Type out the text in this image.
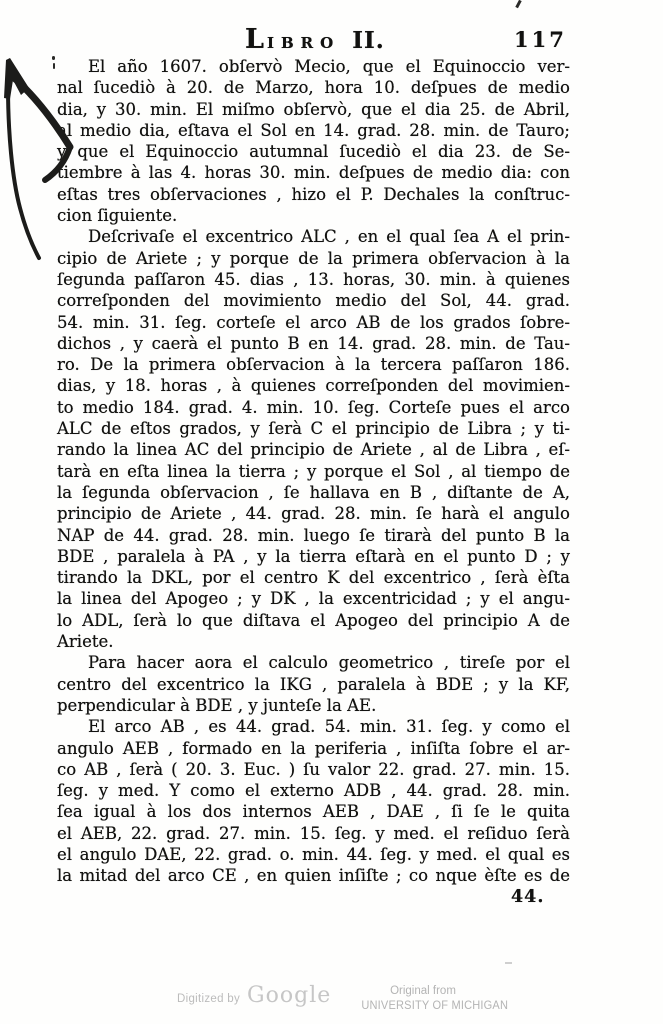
L IBRO II.	117
El año 1607. obſervò Mecio, que el Equinoccio ver-
nal ſucediò à 20. de Marzo, hora 10. deſpues de medio
dia, y 30. min. El miſmo obſervò, que el dia 25. de Abril,
al medio dia, eſtava el Sol en 14. grad. 28. min. de Tauro;
y que el Equinoccio autumnal ſucediò el dia 23. de Se-
tiembre à las 4. horas 30. min. deſpues de medio dia: con
eſtas tres obſervaciones , hizo el P. Dechales la conſtruc-
cion ſiguiente.
Deſcrivaſe el excentrico ALC , en el qual ſea A el prin-
cipio de Ariete ; y porque de la primera obſervacion à la
ſegunda paſſaron 45. dias , 13. horas, 30. min. à quienes
correſponden del movimiento medio del Sol, 44. grad.
54. min. 31. ſeg. corteſe el arco AB de los grados ſobre-
dichos , y caerà el punto B en 14. grad. 28. min. de Tau-
ro. De la primera obſervacion à la tercera paſſaron 186.
dias, y 18. horas , à quienes correſponden del movimien-
to medio 184. grad. 4. min. 10. ſeg. Corteſe pues el arco
ALC de eſtos grados, y ſerà C el principio de Libra ; y ti-
rando la linea AC del principio de Ariete , al de Libra , eſ-
tarà en eſta linea la tierra ; y porque el Sol , al tiempo de
la ſegunda obſervacion , ſe hallava en B , diſtante de A,
principio de Ariete , 44. grad. 28. min. ſe harà el angulo
NAP de 44. grad. 28. min. luego ſe tirarà del punto B la
BDE , paralela à PA , y la tierra eſtarà en el punto D ; y
tirando la DKL, por el centro K del excentrico , ſerà èſta
la linea del Apogeo ; y DK , la excentricidad ; y el angu-
lo ADL, ſerà lo que diſtava el Apogeo del principio A de
Ariete.
Para hacer aora el calculo geometrico , tireſe por el
centro del excentrico la IKG , paralela à BDE ; y la KF,
perpendicular à BDE , y junteſe la AE.
El arco AB , es 44. grad. 54. min. 31. ſeg. y como el
angulo AEB , formado en la periferia , inſiſta ſobre el ar-
co AB , ſerà ( 20. 3. Euc. ) ſu valor 22. grad. 27. min. 15.
ſeg. y med. Y como el externo ADB , 44. grad. 28. min.
ſea igual à los dos internos AEB , DAE , ſi ſe le quita
el AEB, 22. grad. 27. min. 15. ſeg. y med. el reſiduo ſerà
el angulo DAE, 22. grad. o. min. 44. ſeg. y med. el qual es
la mitad del arco CE , en quien inſiſte ; co nque èſte es de
44.
Digitized by Google	Original from
UNIVERSITY OF MICHIGAN
